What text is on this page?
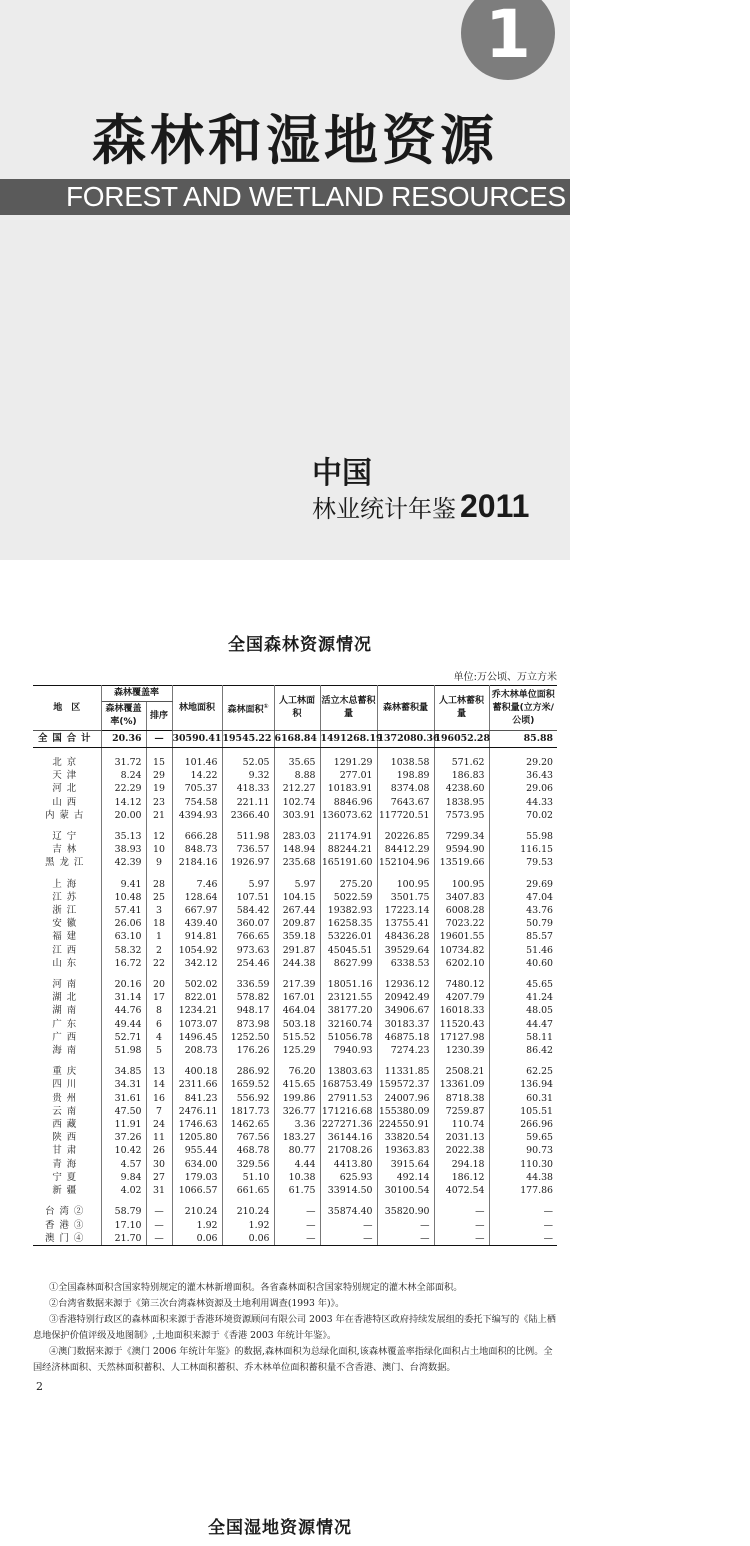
1
森林和湿地资源
FOREST AND WETLAND RESOURCES
中国
林业统计年鉴 2011
全国森林资源情况
单位:万公顷、万立方米
地　区	森林覆盖率		林地面积	森林面积①	人工林面积	活立木总蓄积量	森林蓄积量	人工林蓄积量	乔木林单位面积蓄积量(立方米/公顷)
	森林覆盖率(%)	排序							
全国合计	20.36	—	30590.41	19545.22	6168.84	1491268.19	1372080.36	196052.28	85.88

北京	31.72	15	101.46	52.05	35.65	1291.29	1038.58	571.62	29.20
天津	8.24	29	14.22	9.32	8.88	277.01	198.89	186.83	36.43
河北	22.29	19	705.37	418.33	212.27	10183.91	8374.08	4238.60	29.06
山西	14.12	23	754.58	221.11	102.74	8846.96	7643.67	1838.95	44.33
内蒙古	20.00	21	4394.93	2366.40	303.91	136073.62	117720.51	7573.95	70.02

辽宁	35.13	12	666.28	511.98	283.03	21174.91	20226.85	7299.34	55.98
吉林	38.93	10	848.73	736.57	148.94	88244.21	84412.29	9594.90	116.15
黑龙江	42.39	9	2184.16	1926.97	235.68	165191.60	152104.96	13519.66	79.53

上海	9.41	28	7.46	5.97	5.97	275.20	100.95	100.95	29.69
江苏	10.48	25	128.64	107.51	104.15	5022.59	3501.75	3407.83	47.04
浙江	57.41	3	667.97	584.42	267.44	19382.93	17223.14	6008.28	43.76
安徽	26.06	18	439.40	360.07	209.87	16258.35	13755.41	7023.22	50.79
福建	63.10	1	914.81	766.65	359.18	53226.01	48436.28	19601.55	85.57
江西	58.32	2	1054.92	973.63	291.87	45045.51	39529.64	10734.82	51.46
山东	16.72	22	342.12	254.46	244.38	8627.99	6338.53	6202.10	40.60

河南	20.16	20	502.02	336.59	217.39	18051.16	12936.12	7480.12	45.65
湖北	31.14	17	822.01	578.82	167.01	23121.55	20942.49	4207.79	41.24
湖南	44.76	8	1234.21	948.17	464.04	38177.20	34906.67	16018.33	48.05
广东	49.44	6	1073.07	873.98	503.18	32160.74	30183.37	11520.43	44.47
广西	52.71	4	1496.45	1252.50	515.52	51056.78	46875.18	17127.98	58.11
海南	51.98	5	208.73	176.26	125.29	7940.93	7274.23	1230.39	86.42

重庆	34.85	13	400.18	286.92	76.20	13803.63	11331.85	2508.21	62.25
四川	34.31	14	2311.66	1659.52	415.65	168753.49	159572.37	13361.09	136.94
贵州	31.61	16	841.23	556.92	199.86	27911.53	24007.96	8718.38	60.31
云南	47.50	7	2476.11	1817.73	326.77	171216.68	155380.09	7259.87	105.51
西藏	11.91	24	1746.63	1462.65	3.36	227271.36	224550.91	110.74	266.96
陕西	37.26	11	1205.80	767.56	183.27	36144.16	33820.54	2031.13	59.65
甘肃	10.42	26	955.44	468.78	80.77	21708.26	19363.83	2022.38	90.73
青海	4.57	30	634.00	329.56	4.44	4413.80	3915.64	294.18	110.30
宁夏	9.84	27	179.03	51.10	10.38	625.93	492.14	186.12	44.38
新疆	4.02	31	1066.57	661.65	61.75	33914.50	30100.54	4072.54	177.86

台湾②	58.79	—	210.24	210.24	—	35874.40	35820.90	—	—
香港③	17.10	—	1.92	1.92	—	—	—	—	—
澳门④	21.70	—	0.06	0.06	—	—	—	—	—

①全国森林面积含国家特别规定的灌木林新增面积。各省森林面积含国家特别规定的灌木林全部面积。

②台湾省数据来源于《第三次台湾森林资源及土地利用调查(1993 年)》。

③香港特别行政区的森林面积来源于香港环境资源顾问有限公司 2003 年在香港特区政府持续发展组的委托下编写的《陆上栖息地保护价值评级及地图制》,土地面积来源于《香港 2003 年统计年鉴》。

④澳门数据来源于《澳门 2006 年统计年鉴》的数据,森林面积为总绿化面积,该森林覆盖率指绿化面积占土地面积的比例。全国经济林面积、天然林面积蓄积、人工林面积蓄积、乔木林单位面积蓄积量不含香港、澳门、台湾数据。

2
全国湿地资源情况
